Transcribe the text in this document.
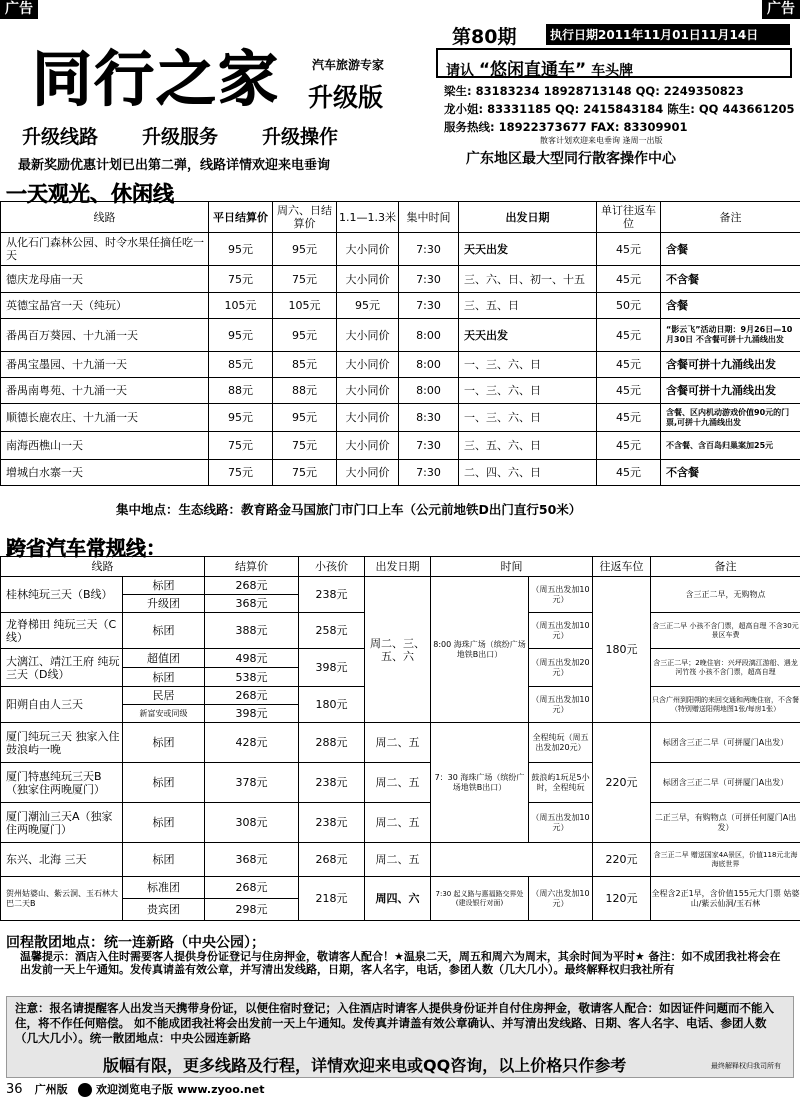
广告	广告
同行之家	汽车旅游专家
升级版
升级线路 升级服务 升级操作
最新奖励优惠计划已出第二弹，线路详情欢迎来电垂询
第80期	执行日期2011年11月01日11月14日
请认 “悠闲直通车” 车头牌
梁生: 83183234 18928713148 QQ: 2249350823
龙小姐: 83331185 QQ: 2415843184 陈生: QQ 443661205
服务热线: 18922373677 FAX: 83309901
散客计划欢迎来电垂询 逢周一出版
广东地区最大型同行散客操作中心
一天观光、休闲线
线路	平日结算价	周六、日结算价	1.1—1.3米	集中时间	出发日期	单订往返车位	备注
从化石门森林公园、时令水果任摘任吃一天	95元	95元	大小同价	7:30	天天出发	45元	含餐
德庆龙母庙一天	75元	75元	大小同价	7:30	三、六、日、初一、十五	45元	不含餐
英德宝晶宫一天（纯玩）	105元	105元	95元	7:30	三、五、日	50元	含餐
番禺百万葵园、十九涌一天	95元	95元	大小同价	8:00	天天出发	45元	“影云飞”活动日期：9月26日—10月30日 不含餐可拼十九涌线出发
番禺宝墨园、十九涌一天	85元	85元	大小同价	8:00	一、三、六、日	45元	含餐可拼十九涌线出发
番禺南粤苑、十九涌一天	88元	88元	大小同价	8:00	一、三、六、日	45元	含餐可拼十九涌线出发
顺德长鹿农庄、十九涌一天	95元	95元	大小同价	8:30	一、三、六、日	45元	含餐、区内机动游戏价值90元的门票,可拼十九涌线出发
南海西樵山一天	75元	75元	大小同价	7:30	三、五、六、日	45元	不含餐、含百岛归巢案加25元
增城白水寨一天	75元	75元	大小同价	7:30	二、四、六、日	45元	不含餐
集中地点：生态线路：教育路金马国旅门市门口上车（公元前地铁D出门直行50米）
跨省汽车常规线：
线路		结算价	小孩价	出发日期	时间		往返车位	备注
桂林纯玩三天（B线）	标团	268元	238元	周二、三、五、六	8:00 海珠广场（缤纷广场地铁B出口）	（周五出发加10元）	180元	含三正二早，无购物点
	升级团	368元						
龙脊梯田 纯玩三天（C线）	标团	388元	258元			（周五出发加10元）		含三正二早 小孩不含门票，超高自理 不含30元景区车费

大漓江、靖江王府 纯玩三天（D线）	超值团	498元	398元			（周五出发加20元）		含三正二早；2晚住宿：兴坪段漓江游船、遇龙河竹筏 小孩不含门票，超高自理
	标团	538元						
阳朔自由人三天	民居	268元	180元			（周五出发加10元）		只含广州到阳朔的来回交通和两晚住宿，不含餐（特别赠送阳朔地图1张/每房1张）
	新富安或同级	398元						
厦门纯玩三天 独家入住鼓浪屿一晚	标团	428元	288元	周二、五	7：30 海珠广场（缤纷广场地铁B出口）	全程纯玩（周五出发加20元）	220元	标团含三正二早（可拼厦门A出发）
厦门特惠纯玩三天B（独家住两晚厦门）	标团	378元	238元	周二、五		鼓浪屿1玩足5小时，全程纯玩		标团含三正二早（可拼厦门A出发）
厦门潮汕三天A（独家住两晚厦门）	标团	308元	238元	周二、五		（周五出发加10元）		二正三早，有购物点（可拼任何厦门A出发）
东兴、北海 三天	标团	368元	268元	周二、五			220元	含三正二早 赠送国家4A景区，价值118元北海海底世界
贺州姑婆山、紫云洞、玉石林大巴二天B	标准团	268元	218元	周四、六	7:30 起义路与惠福路交界处(建设银行对面)	（周六出发加10元）	120元	全程含2正1早，含价值155元大门票 姑婆山/紫云仙洞/玉石林
	贵宾团	298元						
回程散团地点：统一连新路（中央公园）；
温馨提示：酒店入住时需要客人提供身份证登记与住房押金，敬请客人配合！★温泉二天，周五和周六为周末，其余时间为平时★ 备注：如不成团我社将会在出发前一天上午通知。发传真请盖有效公章，并写清出发线路，日期，客人名字，电话，参团人数（几大几小）。最终解释权归我社所有
注意：报名请提醒客人出发当天携带身份证，以便住宿时登记；入住酒店时请客人提供身份证并自付住房押金，敬请客人配合：如因证件问题而不能入住，将不作任何赔偿。 如不能成团我社将会出发前一天上午通知。发传真并请盖有效公章确认、并写清出发线路、日期、客人名字、电话、参团人数（几大几小）。统一散团地点：中央公园连新路
版幅有限，更多线路及行程，详情欢迎来电或QQ咨询，以上价格只作参考	最终解释权归我司所有
36 广州版	欢迎浏览电子版 www.zyoo.net
